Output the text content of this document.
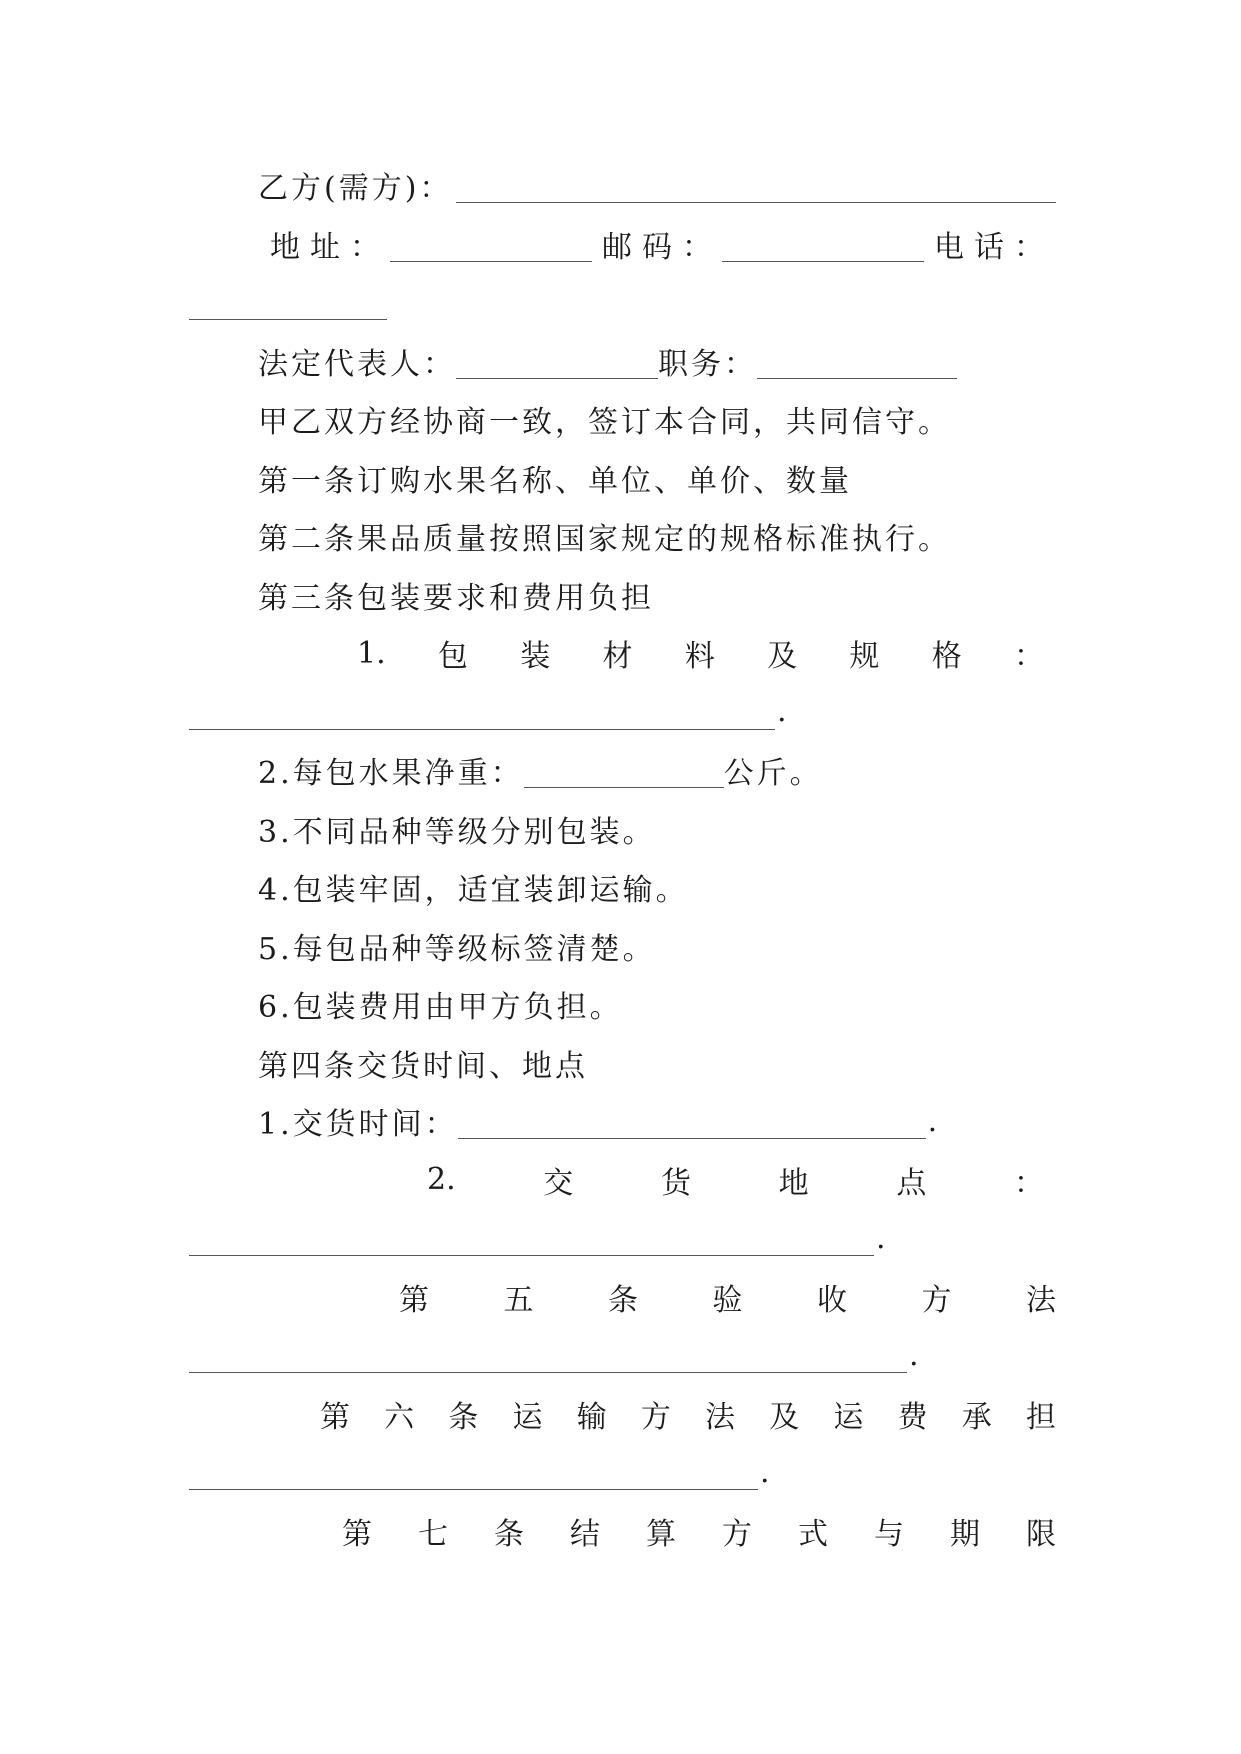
乙方(需方)：
地 址 ：	邮 码 ：	电 话 ：
法定代表人：	职务：
甲乙双方经协商一致，签订本合同，共同信守。
第一条订购水果名称、单位、单价、数量
第二条果品质量按照国家规定的规格标准执行。
第三条包装要求和费用负担
1. 包 装 材 料 及 规 格 ：
.
2.每包水果净重：	公斤。
3.不同品种等级分别包装。
4.包装牢固，适宜装卸运输。
5.每包品种等级标签清楚。
6.包装费用由甲方负担。
第四条交货时间、地点
1.交货时间：	.
2.	交	货	地	点	：
.
第 五 条 验 收 方 法
.
第 六 条 运 输 方 法 及 运 费 承 担
.
第 七 条 结 算 方 式 与 期 限
